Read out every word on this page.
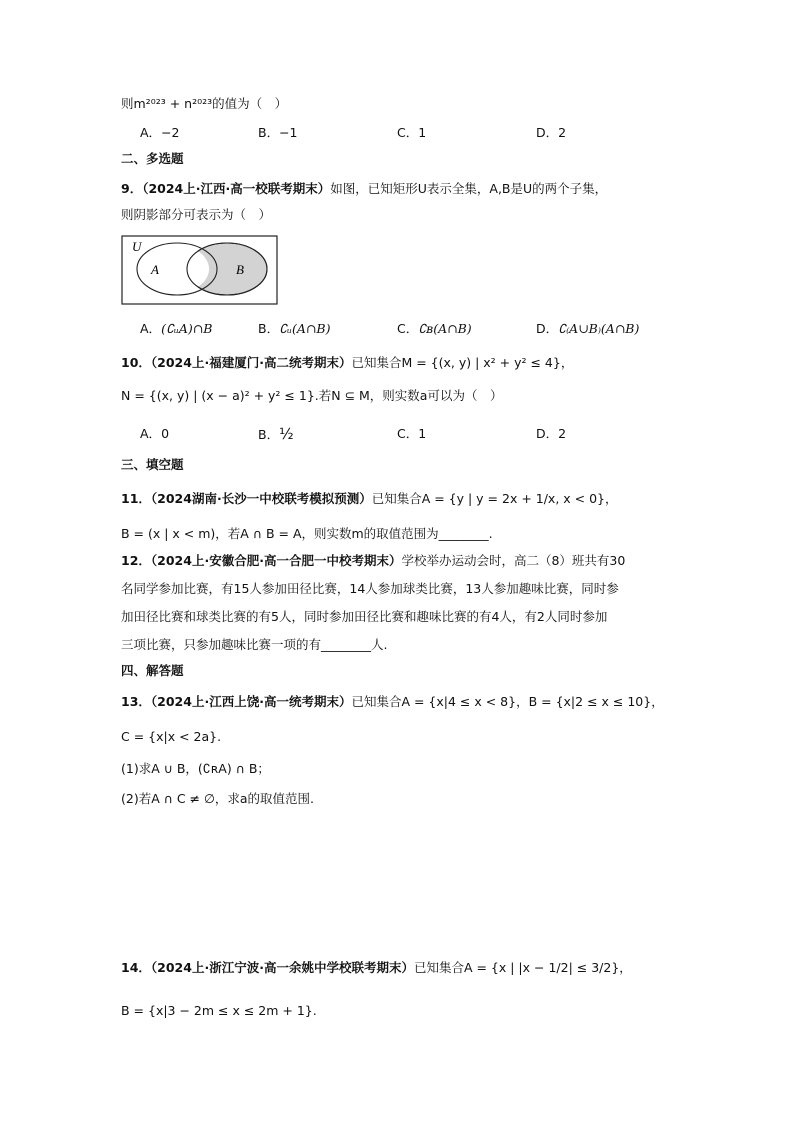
则m²⁰²³ + n²⁰²³的值为（　）
A．−2	B．−1	C．1	D．2
二、多选题
9．（2024上·江西·高一校联考期末）如图，已知矩形U表示全集，A,B是U的两个子集，
则阴影部分可表示为（　）
U
A	B
A．(∁ᵤA)∩B	B．∁ᵤ(A∩B)	C．∁ʙ(A∩B)	D．∁₍A∪B₎(A∩B)
10．（2024上·福建厦门·高二统考期末）已知集合M = {(x, y) | x² + y² ≤ 4}，
N = {(x, y) | (x − a)² + y² ≤ 1}.若N ⊆ M，则实数a可以为（　）
A．0	B．½	C．1	D．2
三、填空题
11．（2024湖南·长沙一中校联考模拟预测）已知集合A = {y | y = 2x + 1/x, x < 0}，
B = (x | x < m)，若A ∩ B = A，则实数m的取值范围为________.
12．（2024上·安徽合肥·高一合肥一中校考期末）学校举办运动会时，高二（8）班共有30
名同学参加比赛，有15人参加田径比赛，14人参加球类比赛，13人参加趣味比赛，同时参
加田径比赛和球类比赛的有5人，同时参加田径比赛和趣味比赛的有4人，有2人同时参加
三项比赛，只参加趣味比赛一项的有________人.
四、解答题
13．（2024上·江西上饶·高一统考期末）已知集合A = {x|4 ≤ x < 8}，B = {x|2 ≤ x ≤ 10}，
C = {x|x < 2a}.
(1)求A ∪ B，(∁ʀA) ∩ B；
(2)若A ∩ C ≠ ∅，求a的取值范围.
14．（2024上·浙江宁波·高一余姚中学校联考期末）已知集合A = {x | |x − 1/2| ≤ 3/2}，
B = {x|3 − 2m ≤ x ≤ 2m + 1}.
